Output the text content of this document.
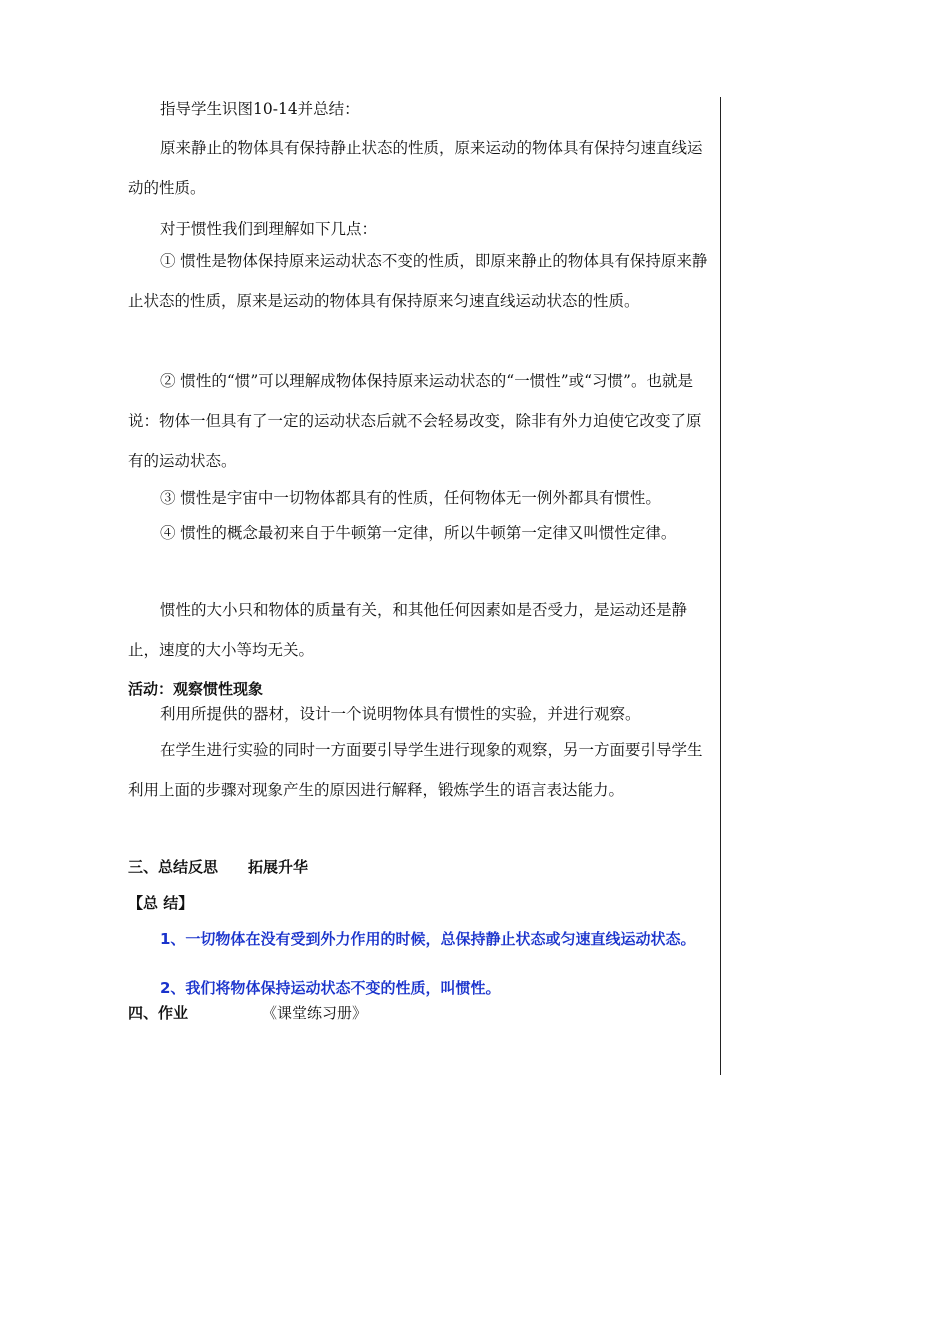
指导学生识图10-14并总结：

原来静止的物体具有保持静止状态的性质，原来运动的物体具有保持匀速直线运动的性质。

对于惯性我们到理解如下几点：

① 惯性是物体保持原来运动状态不变的性质，即原来静止的物体具有保持原来静止状态的性质，原来是运动的物体具有保持原来匀速直线运动状态的性质。

② 惯性的“惯”可以理解成物体保持原来运动状态的“一惯性”或“习惯”。也就是说：物体一但具有了一定的运动状态后就不会轻易改变，除非有外力迫使它改变了原有的运动状态。

③ 惯性是宇宙中一切物体都具有的性质，任何物体无一例外都具有惯性。

④ 惯性的概念最初来自于牛顿第一定律，所以牛顿第一定律又叫惯性定律。

惯性的大小只和物体的质量有关，和其他任何因素如是否受力，是运动还是静止，速度的大小等均无关。

活动：观察惯性现象

利用所提供的器材，设计一个说明物体具有惯性的实验，并进行观察。

在学生进行实验的同时一方面要引导学生进行现象的观察，另一方面要引导学生利用上面的步骤对现象产生的原因进行解释，锻炼学生的语言表达能力。

三、总结反思　　拓展升华

【总 结】

1、一切物体在没有受到外力作用的时候，总保持静止状态或匀速直线运动状态。

2、我们将物体保持运动状态不变的性质，叫惯性。

四、作业	《课堂练习册》
